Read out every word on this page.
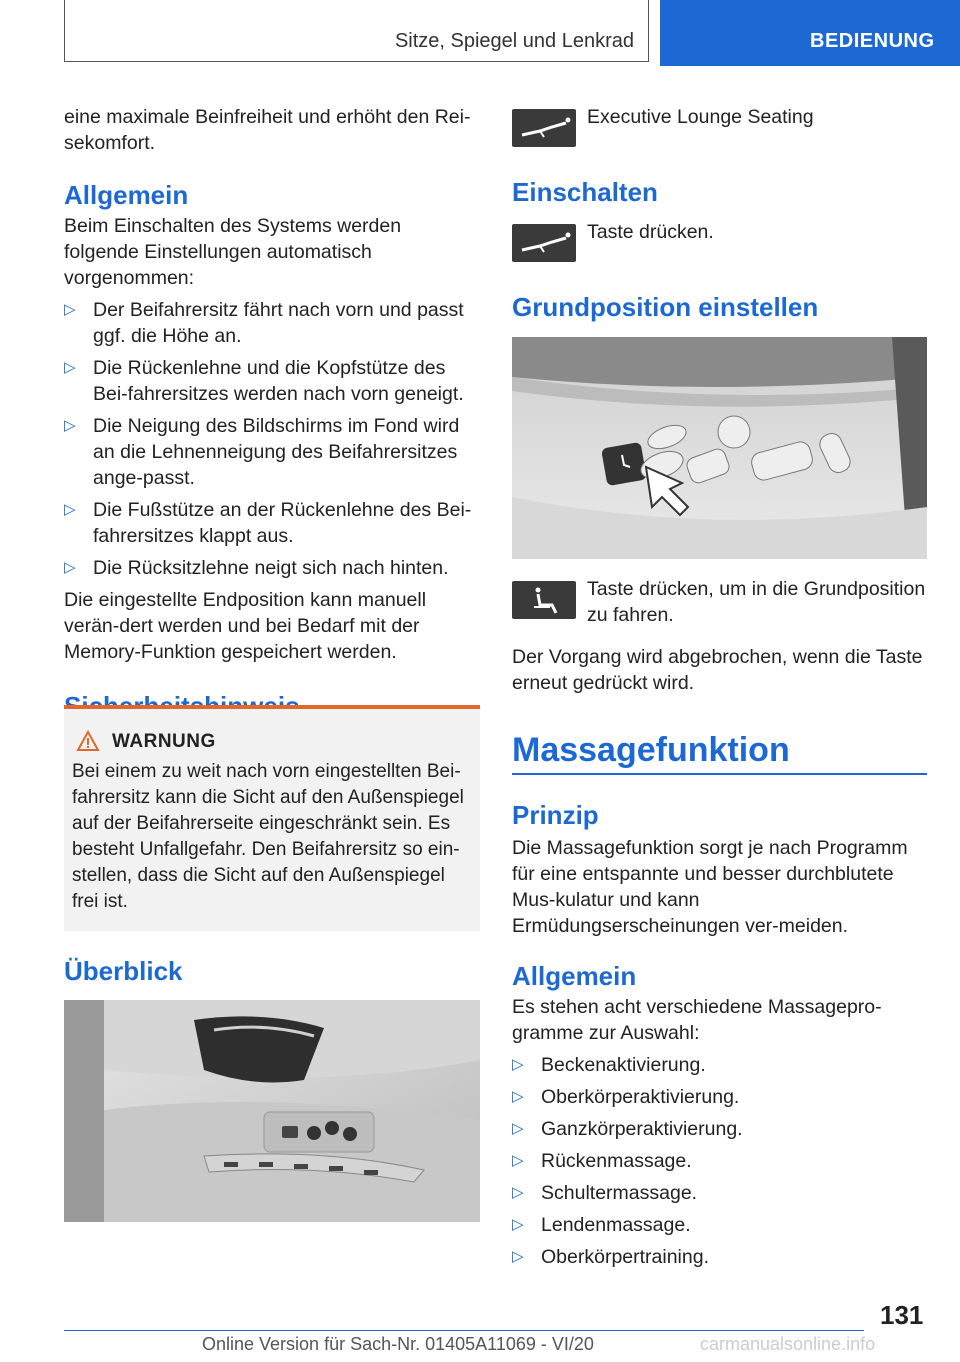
Sitze, Spiegel und Lenkrad	BEDIENUNG

eine maximale Beinfreiheit und erhöht den Rei-
sekomfort.

Allgemein

Beim Einschalten des Systems werden folgende Einstellungen automatisch vorgenommen:

▷ Der Beifahrersitz fährt nach vorn und passt ggf. die Höhe an.
▷ Die Rückenlehne und die Kopfstütze des Bei-fahrersitzes werden nach vorn geneigt.
▷ Die Neigung des Bildschirms im Fond wird an die Lehnenneigung des Beifahrersitzes ange-passt.
▷ Die Fußstütze an der Rückenlehne des Bei-fahrersitzes klappt aus.
▷ Die Rücksitzlehne neigt sich nach hinten.

Die eingestellte Endposition kann manuell verän-dert werden und bei Bedarf mit der Memory-Funktion gespeichert werden.

WARNUNG

Bei einem zu weit nach vorn eingestellten Bei-fahrersitz kann die Sicht auf den Außenspiegel auf der Beifahrerseite eingeschränkt sein. Es besteht Unfallgefahr. Den Beifahrersitz so ein-stellen, dass die Sicht auf den Außenspiegel frei ist.

Überblick

Executive Lounge Seating

Einschalten

Taste drücken.

Grundposition einstellen

Taste drücken, um in die Grundposition zu fahren.

Der Vorgang wird abgebrochen, wenn die Taste erneut gedrückt wird.

Massagefunktion
Prinzip

Die Massagefunktion sorgt je nach Programm für eine entspannte und besser durchblutete Mus-kulatur und kann Ermüdungserscheinungen ver-meiden.

Allgemein

Es stehen acht verschiedene Massagepro-gramme zur Auswahl:

▷ Beckenaktivierung.
▷ Oberkörperaktivierung.
▷ Ganzkörperaktivierung.
▷ Rückenmassage.
▷ Schultermassage.
▷ Lendenmassage.
▷ Oberkörpertraining.
131
Online Version für Sach-Nr. 01405A11069 - VI/20	carmanualsonline.info
